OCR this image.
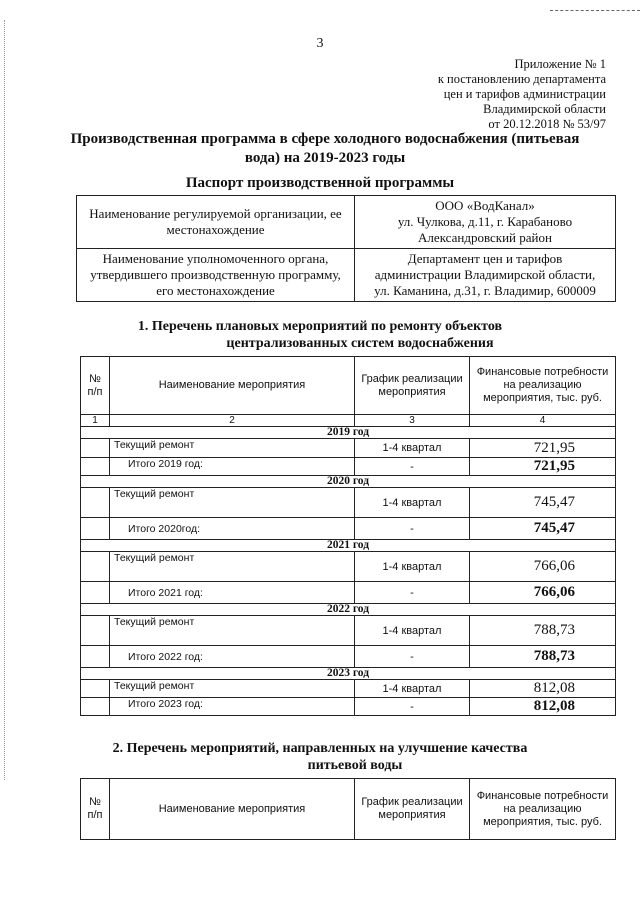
3
Приложение № 1
к постановлению департамента
цен и тарифов администрации
Владимирской области
от 20.12.2018 № 53/97
Производственная программа в сфере холодного водоснабжения (питьевая вода) на 2019-2023 годы
Паспорт производственной программы
Наименование регулируемой организации, ее местонахождение	ООО «ВодКанал»
ул. Чулкова, д.11, г. Карабаново
Александровский район

Наименование уполномоченного органа, утвердившего производственную программу, его местонахождение	Департамент цен и тарифов
администрации Владимирской области,
ул. Каманина, д.31, г. Владимир, 600009
1. Перечень плановых мероприятий по ремонту объектов
централизованных систем водоснабжения
№ п/п	Наименование мероприятия	График реализации мероприятия	Финансовые потребности на реализацию мероприятия, тыс. руб.
1	2	3	4
2019 год			
	Текущий ремонт	1-4 квартал	721,95
	Итого 2019 год:	-	721,95
2020 год			
	Текущий ремонт	1-4 квартал	745,47
	Итого 2020год:	-	745,47
2021 год			
	Текущий ремонт	1-4 квартал	766,06
	Итого 2021 год:	-	766,06
2022 год			
	Текущий ремонт	1-4 квартал	788,73
	Итого 2022 год:	-	788,73
2023 год			
	Текущий ремонт	1-4 квартал	812,08
	Итого 2023 год:	-	812,08
2. Перечень мероприятий, направленных на улучшение качества
питьевой воды
№ п/п	Наименование мероприятия	График реализации мероприятия	Финансовые потребности на реализацию мероприятия, тыс. руб.
